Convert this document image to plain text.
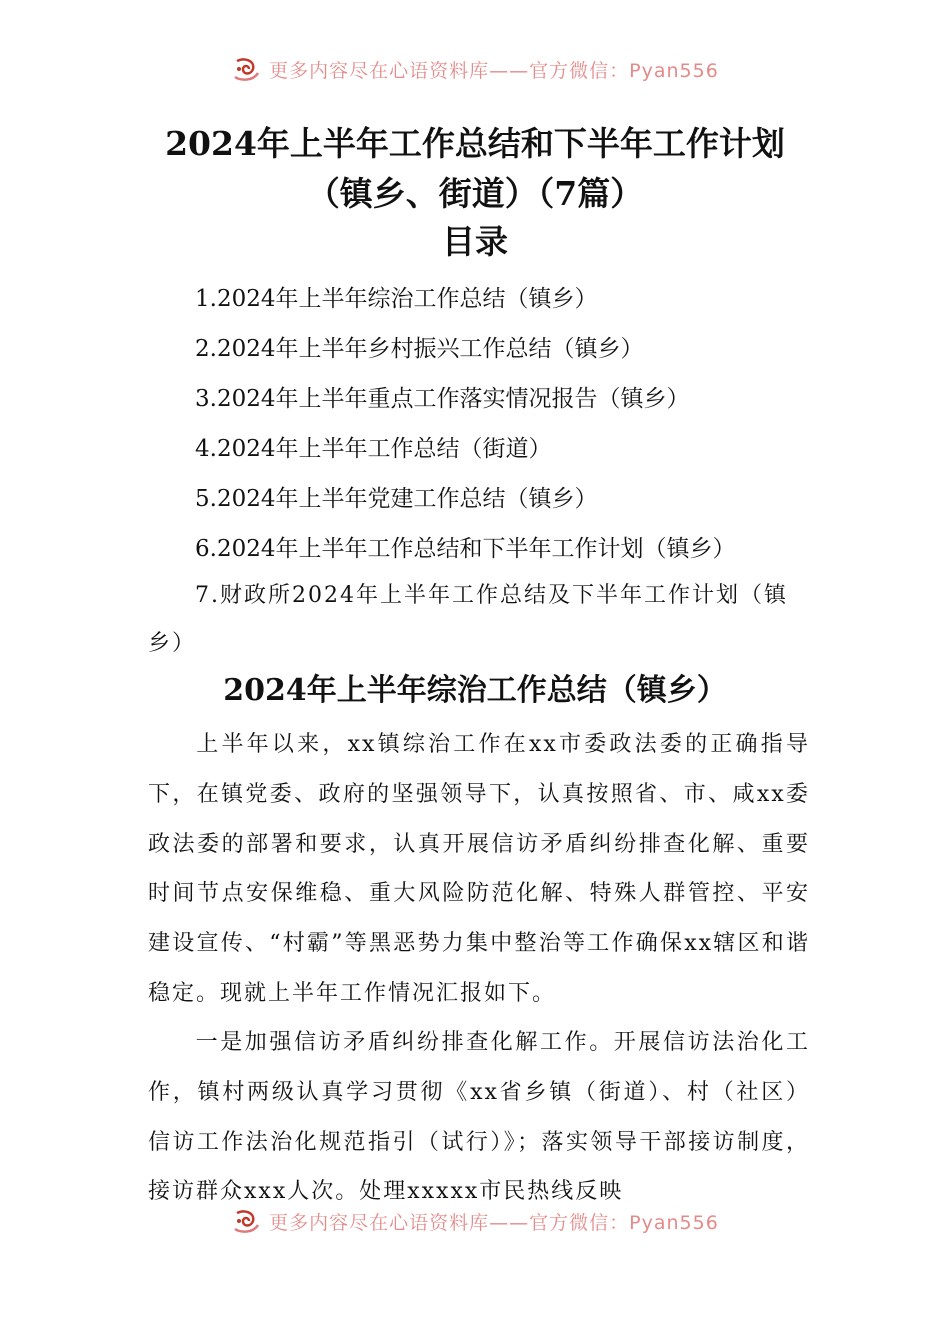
更多内容尽在心语资料库——官方微信：Pyan556
2024年上半年工作总结和下半年工作计划
（镇乡、街道）（7篇）
目录
1.2024年上半年综治工作总结（镇乡）
2.2024年上半年乡村振兴工作总结（镇乡）
3.2024年上半年重点工作落实情况报告（镇乡）
4.2024年上半年工作总结（街道）
5.2024年上半年党建工作总结（镇乡）
6.2024年上半年工作总结和下半年工作计划（镇乡）
7.财政所2024年上半年工作总结及下半年工作计划（镇乡）
2024年上半年综治工作总结（镇乡）

上半年以来，xx镇综治工作在xx市委政法委的正确指导下，在镇党委、政府的坚强领导下，认真按照省、市、咸xx委政法委的部署和要求，认真开展信访矛盾纠纷排查化解、重要时间节点安保维稳、重大风险防范化解、特殊人群管控、平安建设宣传、“村霸”等黑恶势力集中整治等工作确保xx辖区和谐稳定。现就上半年工作情况汇报如下。

一是加强信访矛盾纠纷排查化解工作。开展信访法治化工作，镇村两级认真学习贯彻《xx省乡镇（街道）、村（社区）信访工作法治化规范指引（试行）》；落实领导干部接访制度，接访群众xxx人次。处理xxxxx市民热线反映

更多内容尽在心语资料库——官方微信：Pyan556
